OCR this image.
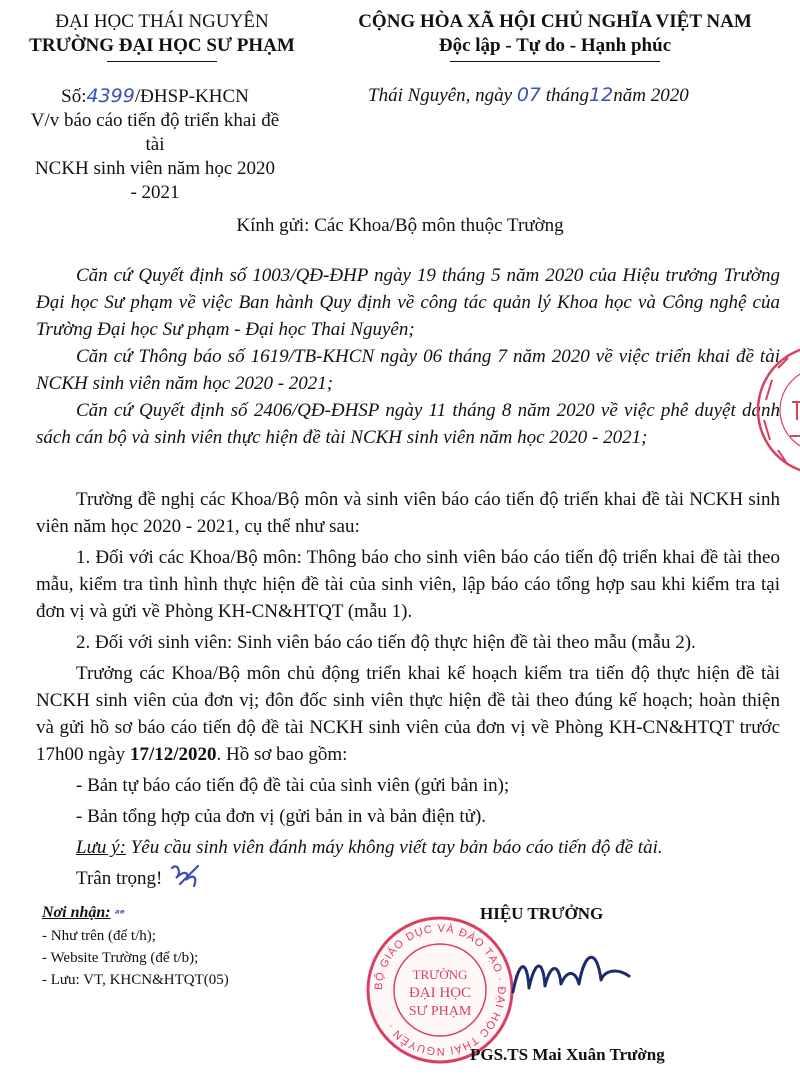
ĐẠI HỌC THÁI NGUYÊN
TRƯỜNG ĐẠI HỌC SƯ PHẠM
CỘNG HÒA XÃ HỘI CHỦ NGHĨA VIỆT NAM
Độc lập - Tự do - Hạnh phúc
Số:4399/ĐHSP-KHCN
V/v báo cáo tiến độ triển khai đề tài
NCKH sinh viên năm học 2020 - 2021
Thái Nguyên, ngày 07 tháng12năm 2020
Kính gửi: Các Khoa/Bộ môn thuộc Trường

Căn cứ Quyết định số 1003/QĐ-ĐHP ngày 19 tháng 5 năm 2020 của Hiệu trưởng Trường Đại học Sư phạm về việc Ban hành Quy định về công tác quản lý Khoa học và Công nghệ của Trường Đại học Sư phạm - Đại học Thai Nguyên;

Căn cứ Thông báo số 1619/TB-KHCN ngày 06 tháng 7 năm 2020 về việc triển khai đề tài NCKH sinh viên năm học 2020 - 2021;

Căn cứ Quyết định số 2406/QĐ-ĐHSP ngày 11 tháng 8 năm 2020 về việc phê duyệt danh sách cán bộ và sinh viên thực hiện đề tài NCKH sinh viên năm học 2020 - 2021;

Trường đề nghị các Khoa/Bộ môn và sinh viên báo cáo tiến độ triển khai đề tài NCKH sinh viên năm học 2020 - 2021, cụ thể như sau:

1. Đối với các Khoa/Bộ môn: Thông báo cho sinh viên báo cáo tiến độ triển khai đề tài theo mẫu, kiểm tra tình hình thực hiện đề tài của sinh viên, lập báo cáo tổng hợp sau khi kiểm tra tại đơn vị và gửi về Phòng KH-CN&HTQT (mẫu 1).

2. Đối với sinh viên: Sinh viên báo cáo tiến độ thực hiện đề tài theo mẫu (mẫu 2).

Trưởng các Khoa/Bộ môn chủ động triển khai kế hoạch kiểm tra tiến độ thực hiện đề tài NCKH sinh viên của đơn vị; đôn đốc sinh viên thực hiện đề tài theo đúng kế hoạch; hoàn thiện và gửi hồ sơ báo cáo tiến độ đề tài NCKH sinh viên của đơn vị về Phòng KH-CN&HTQT trước 17h00 ngày 17/12/2020. Hồ sơ bao gồm:

- Bản tự báo cáo tiến độ đề tài của sinh viên (gửi bản in);

- Bản tổng hợp của đơn vị (gửi bản in và bản điện tử).

Lưu ý: Yêu cầu sinh viên đánh máy không viết tay bản báo cáo tiến độ đề tài.

Trân trọng!

Nơi nhận: ᵃᵉ
- Như trên (để t/h);
- Website Trường (để t/b);
- Lưu: VT, KHCN&HTQT(05)
HIỆU TRƯỞNG
BỘ GIÁO DỤC VÀ ĐÀO TẠO · ĐẠI HỌC THÁI NGUYÊN ·
TRƯỜNG
ĐẠI HỌC
SƯ PHẠM
PGS.TS Mai Xuân Trường
